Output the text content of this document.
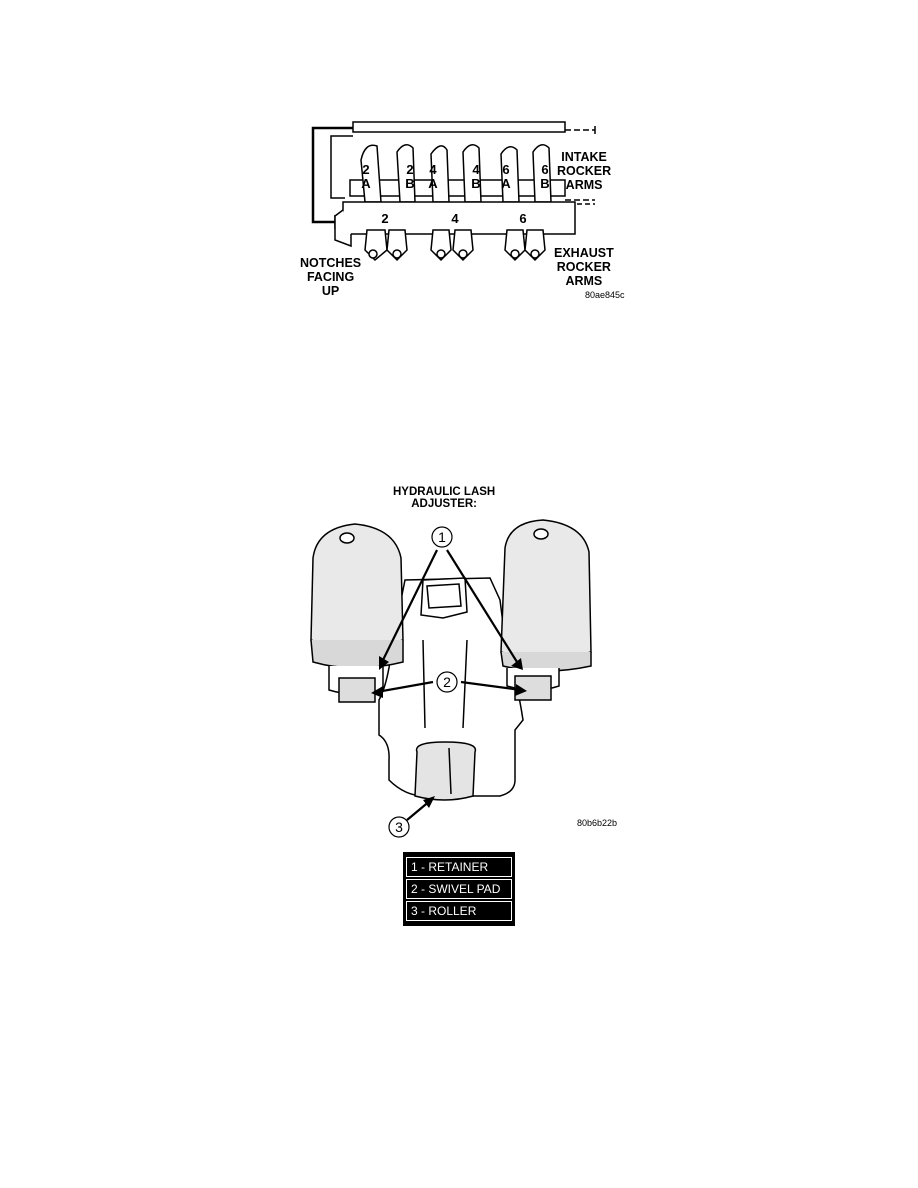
2
A
2
B
4
A
4
B
6
A
6
B
2	4	6
INTAKE
ROCKER
ARMS
EXHAUST
ROCKER
ARMS
NOTCHES
FACING
UP	80ae845c
HYDRAULIC LASH
ADJUSTER:
1
2
3	80b6b22b
1 - RETAINER
2 - SWIVEL PAD
3 - ROLLER
